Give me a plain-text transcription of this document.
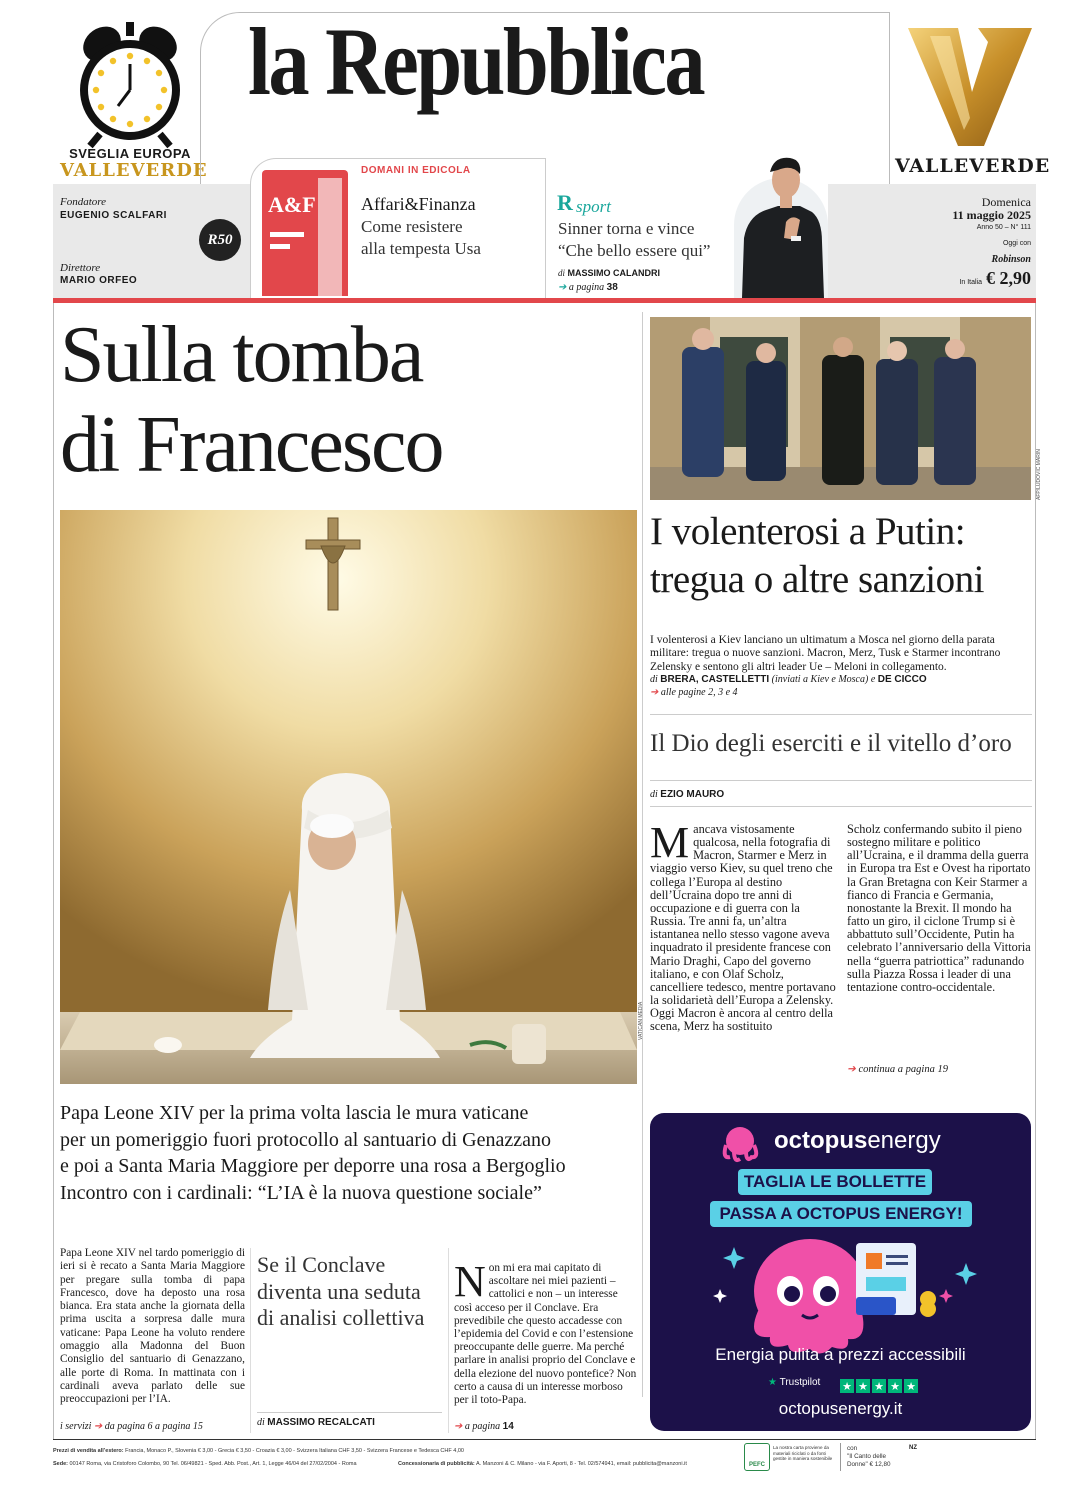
SVEGLIA EUROPA
VALLEVERDE
la Repubblica
VALLEVERDE
Fondatore
EUGENIO SCALFARI
Direttore
MARIO ORFEO
R50
A&F
DOMANI IN EDICOLA
Affari&Finanza
Come resistere
alla tempesta Usa
R sport
Sinner torna e vince
“Che bello essere qui”
di MASSIMO CALANDRI
➔ a pagina 38
Domenica
11 maggio 2025
Anno 50 – N° 111
Oggi con
Robinson
In Italia € 2,90
Sulla tomba
di Francesco
VATICAN MEDIA
Papa Leone XIV per la prima volta lascia le mura vaticane
per un pomeriggio fuori protocollo al santuario di Genazzano
e poi a Santa Maria Maggiore per deporre una rosa a Bergoglio
Incontro con i cardinali: “L’IA è la nuova questione sociale”
Papa Leone XIV nel tardo pomeriggio di ieri si è recato a Santa Maria Maggiore per pregare sulla tomba di papa Francesco, dove ha deposto una rosa bianca. Era stata anche la giornata della prima uscita a sorpresa dalle mura vaticane: Papa Leone ha voluto rendere omaggio alla Madonna del Buon Consiglio del santuario di Genazzano, alle porte di Roma. In mattinata con i cardinali aveva parlato delle sue preoccupazioni per l’IA.
i servizi ➔ da pagina 6 a pagina 15
Se il Conclave
diventa una seduta
di analisi collettiva
di MASSIMO RECALCATI
N on mi era mai capitato di ascoltare nei miei pazienti – cattolici e non – un interesse così acceso per il Conclave. Era prevedibile che questo accadesse con l’epidemia del Covid e con l’estensione preoccupante delle guerre. Ma perché parlare in analisi proprio del Conclave e della elezione del nuovo pontefice? Non certo a causa di un interesse morboso per il toto-Papa.
➔ a pagina 14
AFP/LUDOVIC MARIN
I volenterosi a Putin:
tregua o altre sanzioni
I volenterosi a Kiev lanciano un ultimatum a Mosca nel giorno della parata militare: tregua o nuove sanzioni. Macron, Merz, Tusk e Starmer incontrano Zelensky e sentono gli altri leader Ue – Meloni in collegamento.
di BRERA, CASTELLETTI (inviati a Kiev e Mosca) e DE CICCO
➔ alle pagine 2, 3 e 4
Il Dio degli eserciti e il vitello d’oro
di EZIO MAURO
M ancava vistosamente qualcosa, nella fotografia di Macron, Starmer e Merz in viaggio verso Kiev, su quel treno che collega l’Europa al destino dell’Ucraina dopo tre anni di occupazione e di guerra con la Russia. Tre anni fa, un’altra istantanea nello stesso vagone aveva inquadrato il presidente francese con Mario Draghi, Capo del governo italiano, e con Olaf Scholz, cancelliere tedesco, mentre portavano la solidarietà dell’Europa a Zelensky. Oggi Macron è ancora al centro della scena, Merz ha sostituito
Scholz confermando subito il pieno sostegno militare e politico all’Ucraina, e il dramma della guerra in Europa tra Est e Ovest ha riportato la Gran Bretagna con Keir Starmer a fianco di Francia e Germania, nonostante la Brexit. Il mondo ha fatto un giro, il ciclone Trump si è abbattuto sull’Occidente, Putin ha celebrato l’anniversario della Vittoria nella “guerra patriottica” radunando sulla Piazza Rossa i leader di una tentazione contro-occidentale.
➔ continua a pagina 19
★ ★ ★ ★ ★
octopusenergy
TAGLIA LE BOLLETTE
PASSA A OCTOPUS ENERGY!
Energia pulita a prezzi accessibili
★ Trustpilot
octopusenergy.it
Prezzi di vendita all’estero: Francia, Monaco P., Slovenia € 3,00 - Grecia € 3,50 - Croazia € 3,00 - Svizzera Italiana CHF 3,50 - Svizzera Francese e Tedesca CHF 4,00
Sede: 00147 Roma, via Cristoforo Colombo, 90 Tel. 06/49821 - Sped. Abb. Post., Art. 1, Legge 46/04 del 27/02/2004 - Roma	Concessionaria di pubblicità: A. Manzoni & C. Milano - via F. Aporti, 8 - Tel. 02/574941, email: pubblicita@manzoni.it	PEFC
La nostra carta proviene da materiali riciclati o da fonti gestite in maniera sostenibile
con
"Il Canto delle Donne" € 12,80
NZ
